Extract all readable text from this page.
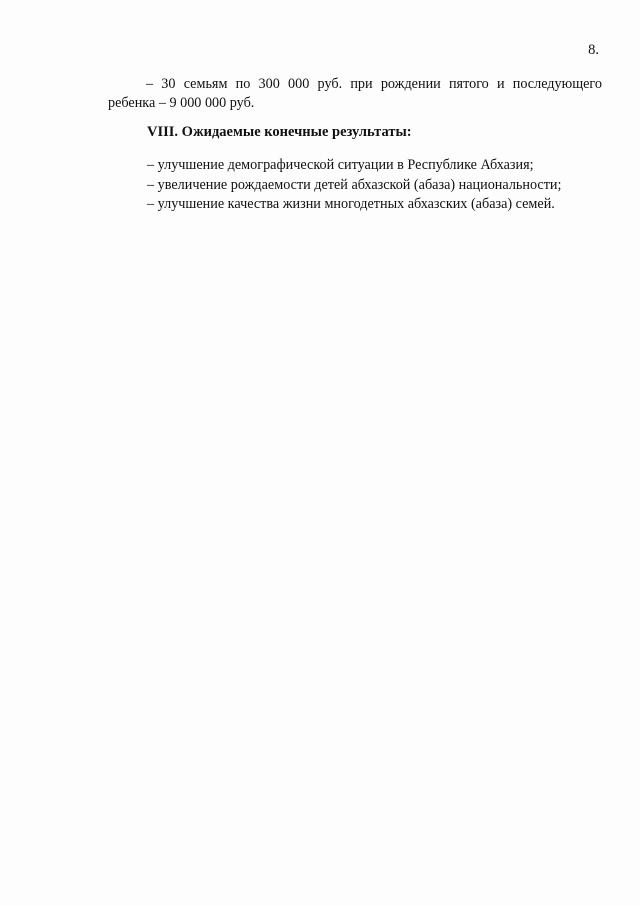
8.
– 30 семьям по 300 000 руб. при рождении пятого и последующего
ребенка – 9 000 000 руб.
VIII. Ожидаемые конечные результаты:
– улучшение демографической ситуации в Республике Абхазия;
– увеличение рождаемости детей абхазской (абаза) национальности;
– улучшение качества жизни многодетных абхазских (абаза) семей.
